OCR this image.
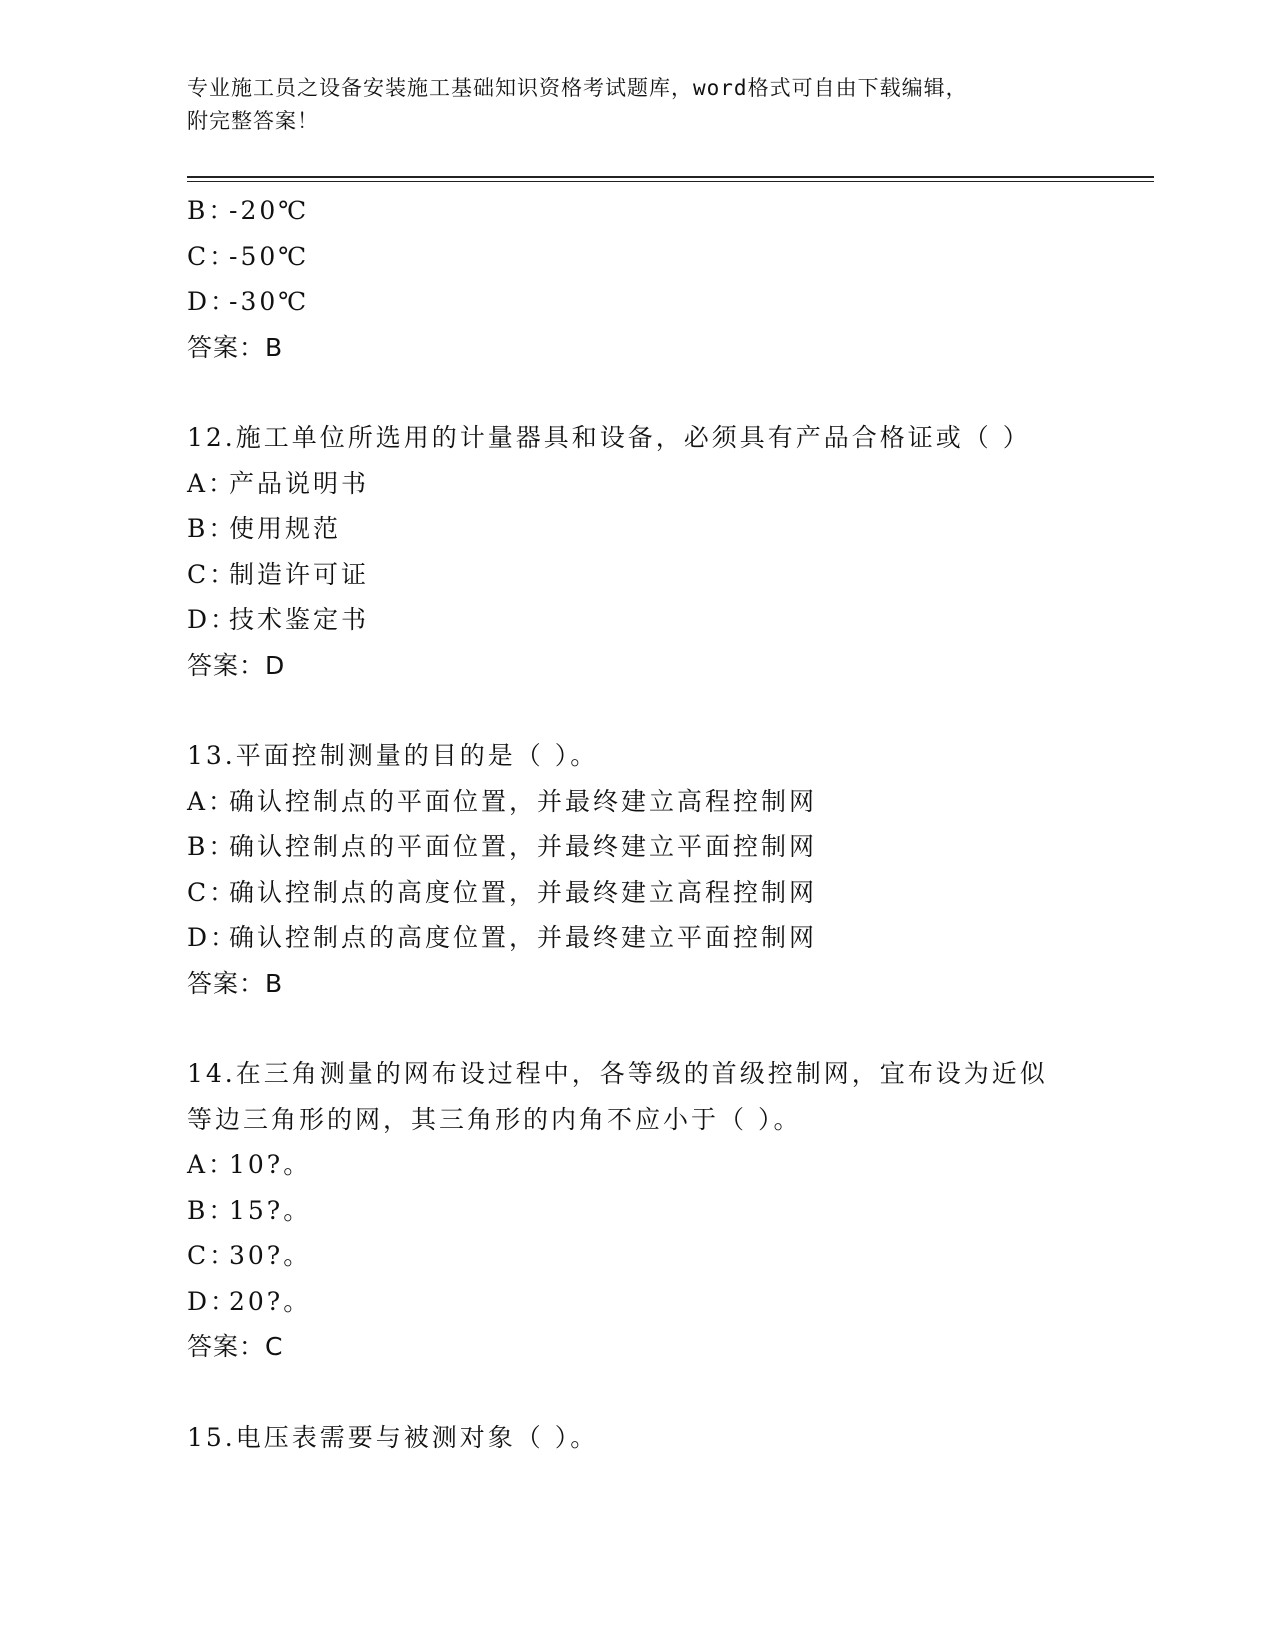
专业施工员之设备安装施工基础知识资格考试题库，word格式可自由下载编辑，
附完整答案！
B：-20℃
C：-50℃
D：-30℃
答案：B
12.施工单位所选用的计量器具和设备，必须具有产品合格证或（ ）
A：产品说明书
B：使用规范
C：制造许可证
D：技术鉴定书
答案：D
13.平面控制测量的目的是（ ）。
A：确认控制点的平面位置，并最终建立高程控制网
B：确认控制点的平面位置，并最终建立平面控制网
C：确认控制点的高度位置，并最终建立高程控制网
D：确认控制点的高度位置，并最终建立平面控制网
答案：B
14.在三角测量的网布设过程中，各等级的首级控制网，宜布设为近似等边三角形的网，其三角形的内角不应小于（ ）。
A：10?。
B：15?。
C：30?。
D：20?。
答案：C
15.电压表需要与被测对象（ ）。
